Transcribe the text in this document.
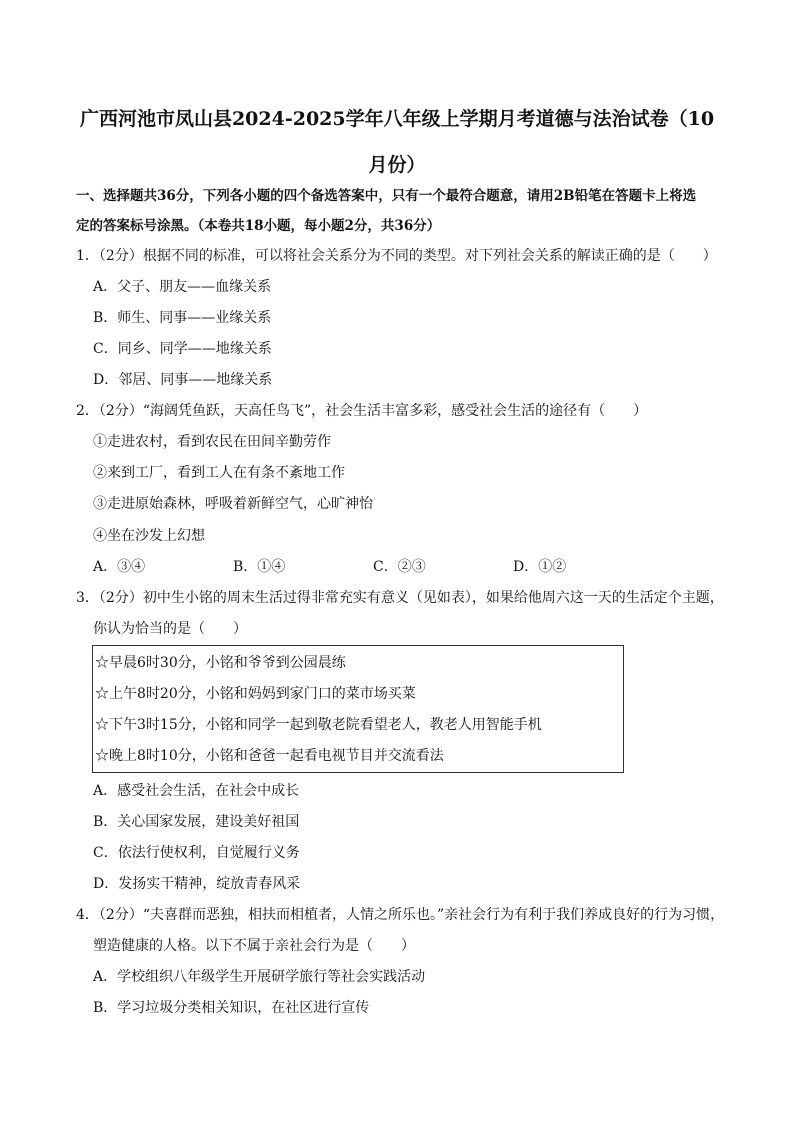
广西河池市凤山县2024-2025学年八年级上学期月考道德与法治试卷（10
月份）
一、选择题共36分，下列各小题的四个备选答案中，只有一个最符合题意，请用2B铅笔在答题卡上将选
定的答案标号涂黑。（本卷共18小题，每小题2分，共36分）
1．（2分）根据不同的标准，可以将社会关系分为不同的类型。对下列社会关系的解读正确的是（　　）
A．父子、朋友——血缘关系
B．师生、同事——业缘关系
C．同乡、同学——地缘关系
D．邻居、同事——地缘关系
2．（2分）“海阔凭鱼跃，天高任鸟飞”，社会生活丰富多彩，感受社会生活的途径有（　　）
①走进农村，看到农民在田间辛勤劳作
②来到工厂，看到工人在有条不紊地工作
③走进原始森林，呼吸着新鲜空气，心旷神怡
④坐在沙发上幻想
A．③④	B．①④	C．②③	D．①②
3．（2分）初中生小铭的周末生活过得非常充实有意义（见如表），如果给他周六这一天的生活定个主题，
你认为恰当的是（　　）
☆早晨6时30分，小铭和爷爷到公园晨练
☆上午8时20分，小铭和妈妈到家门口的菜市场买菜
☆下午3时15分，小铭和同学一起到敬老院看望老人，教老人用智能手机
☆晚上8时10分，小铭和爸爸一起看电视节目并交流看法
A．感受社会生活，在社会中成长
B．关心国家发展，建设美好祖国
C．依法行使权利，自觉履行义务
D．发扬实干精神，绽放青春风采
4．（2分）“夫喜群而恶独，相扶而相植者，人情之所乐也。”亲社会行为有利于我们养成良好的行为习惯，
塑造健康的人格。以下不属于亲社会行为是（　　）
A．学校组织八年级学生开展研学旅行等社会实践活动
B．学习垃圾分类相关知识，在社区进行宣传
